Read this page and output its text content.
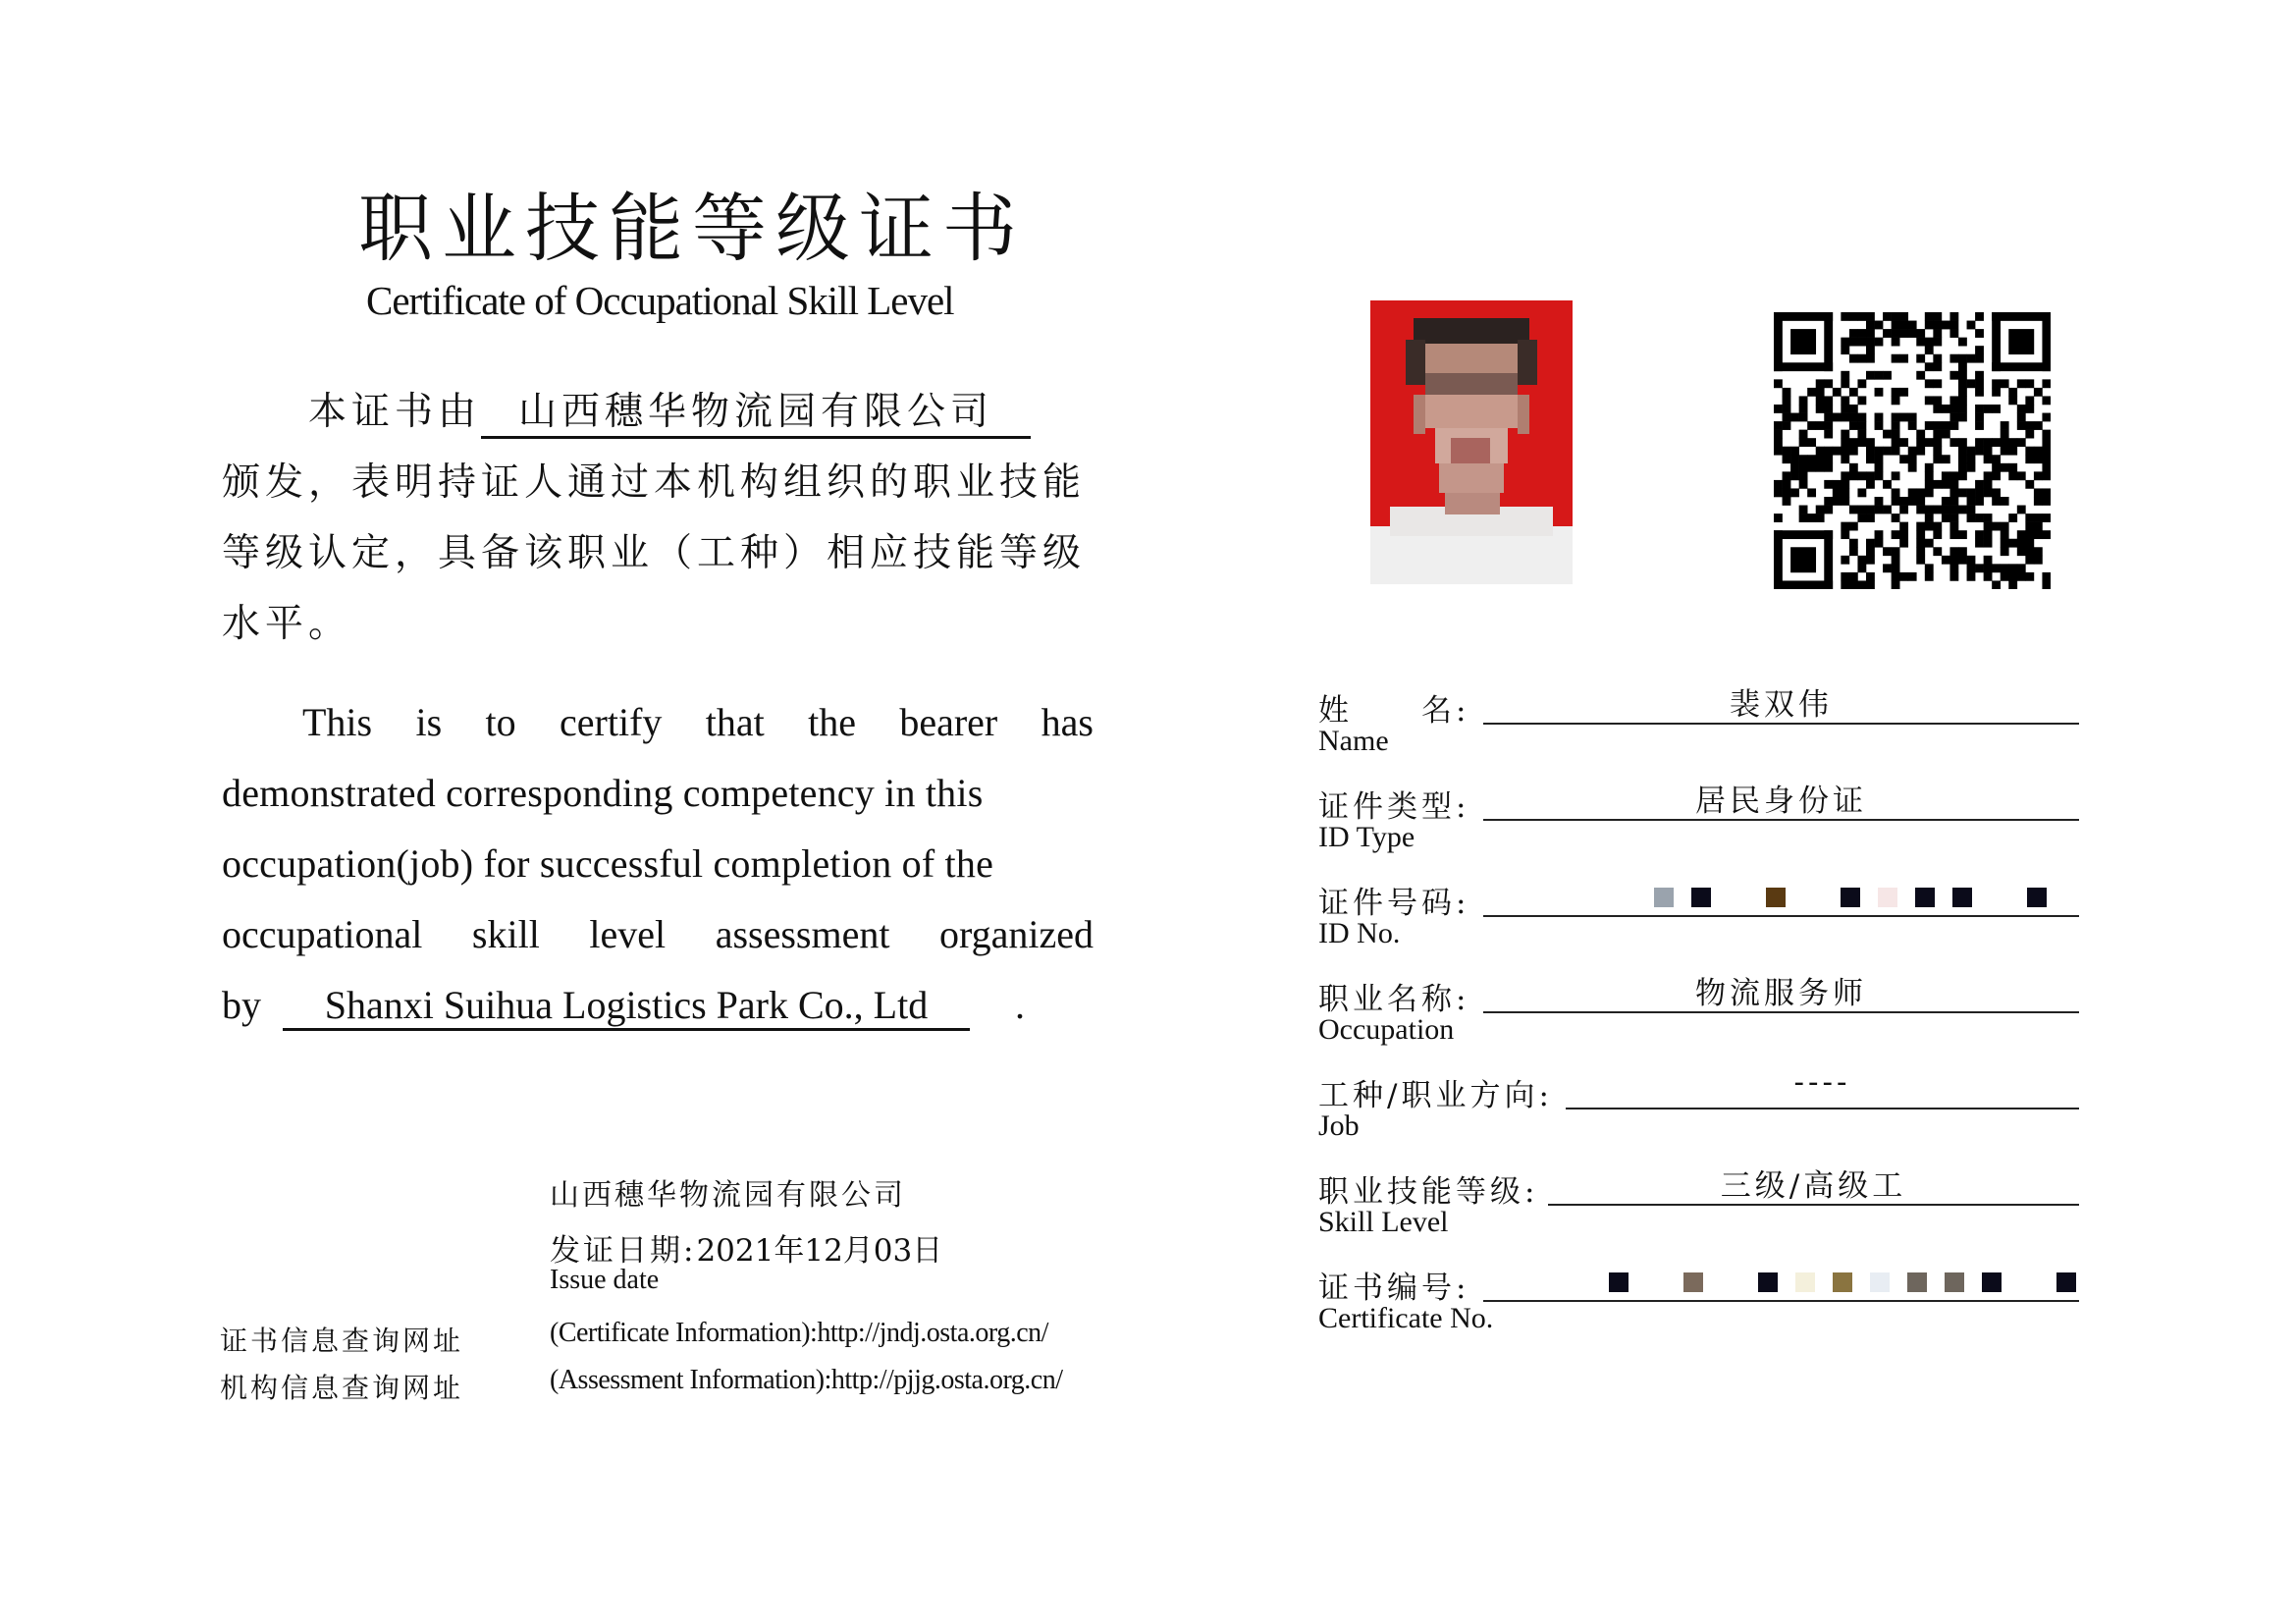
职业技能等级证书
Certificate of Occupational Skill Level
本证书由 山西穗华物流园有限公司
颁发，表明持证人通过本机构组织的职业技能
等级认定，具备该职业（工种）相应技能等级
水平。
This is to certify that the bearer has
demonstrated corresponding competency in this
occupation(job) for successful completion of the
occupational skill level assessment organized
by Shanxi Suihua Logistics Park Co., Ltd .
山西穗华物流园有限公司
发证日期:2021年12月03日
Issue date
证书信息查询网址	(Certificate Information):http://jndj.osta.org.cn/
机构信息查询网址	(Assessment Information):http://pjjg.osta.org.cn/
姓　　名:
Name
裴双伟
证件类型:
ID Type
居民身份证
证件号码:
ID No.
职业名称:
Occupation
物流服务师
工种/职业方向:
Job
----
职业技能等级:
Skill Level
三级/高级工
证书编号:
Certificate No.
